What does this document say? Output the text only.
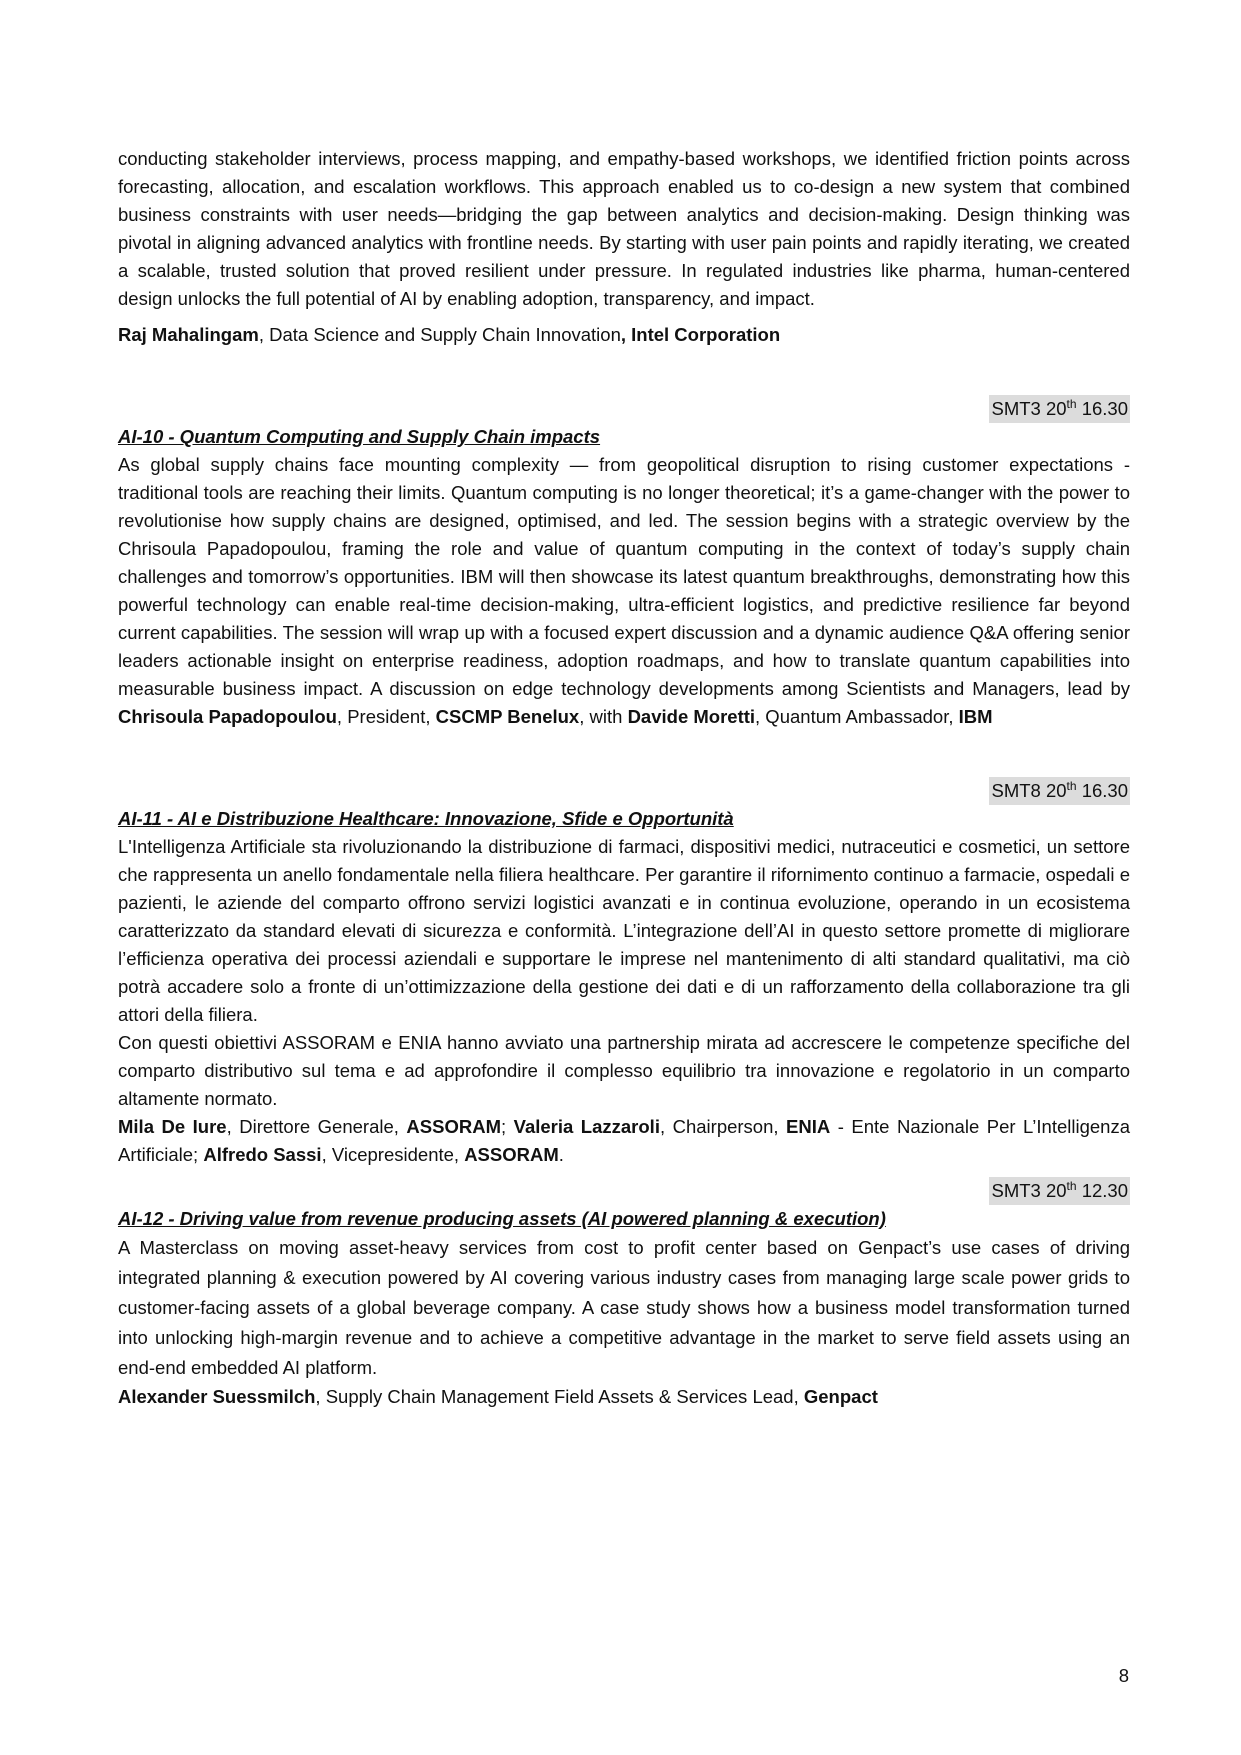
conducting stakeholder interviews, process mapping, and empathy-based workshops, we identified friction points across forecasting, allocation, and escalation workflows. This approach enabled us to co-design a new system that combined business constraints with user needs—bridging the gap between analytics and decision-making. Design thinking was pivotal in aligning advanced analytics with frontline needs. By starting with user pain points and rapidly iterating, we created a scalable, trusted solution that proved resilient under pressure. In regulated industries like pharma, human-centered design unlocks the full potential of AI by enabling adoption, transparency, and impact.

Raj Mahalingam, Data Science and Supply Chain Innovation, Intel Corporation

SMT3 20th 16.30

AI-10 - Quantum Computing and Supply Chain impacts

As global supply chains face mounting complexity — from geopolitical disruption to rising customer expectations - traditional tools are reaching their limits. Quantum computing is no longer theoretical; it’s a game-changer with the power to revolutionise how supply chains are designed, optimised, and led. The session begins with a strategic overview by the Chrisoula Papadopoulou, framing the role and value of quantum computing in the context of today’s supply chain challenges and tomorrow’s opportunities. IBM will then showcase its latest quantum breakthroughs, demonstrating how this powerful technology can enable real-time decision-making, ultra-efficient logistics, and predictive resilience far beyond current capabilities. The session will wrap up with a focused expert discussion and a dynamic audience Q&A offering senior leaders actionable insight on enterprise readiness, adoption roadmaps, and how to translate quantum capabilities into measurable business impact. A discussion on edge technology developments among Scientists and Managers, lead by Chrisoula Papadopoulou, President, CSCMP Benelux, with Davide Moretti, Quantum Ambassador, IBM

SMT8 20th 16.30

AI-11 - AI e Distribuzione Healthcare: Innovazione, Sfide e Opportunità

L'Intelligenza Artificiale sta rivoluzionando la distribuzione di farmaci, dispositivi medici, nutraceutici e cosmetici, un settore che rappresenta un anello fondamentale nella filiera healthcare. Per garantire il rifornimento continuo a farmacie, ospedali e pazienti, le aziende del comparto offrono servizi logistici avanzati e in continua evoluzione, operando in un ecosistema caratterizzato da standard elevati di sicurezza e conformità. L’integrazione dell’AI in questo settore promette di migliorare l’efficienza operativa dei processi aziendali e supportare le imprese nel mantenimento di alti standard qualitativi, ma ciò potrà accadere solo a fronte di un’ottimizzazione della gestione dei dati e di un rafforzamento della collaborazione tra gli attori della filiera.

Con questi obiettivi ASSORAM e ENIA hanno avviato una partnership mirata ad accrescere le competenze specifiche del comparto distributivo sul tema e ad approfondire il complesso equilibrio tra innovazione e regolatorio in un comparto altamente normato.

Mila De Iure, Direttore Generale, ASSORAM; Valeria Lazzaroli, Chairperson, ENIA - Ente Nazionale Per L’Intelligenza Artificiale; Alfredo Sassi, Vicepresidente, ASSORAM.

SMT3 20th 12.30

AI-12 - Driving value from revenue producing assets (AI powered planning & execution)

A Masterclass on moving asset-heavy services from cost to profit center based on Genpact’s use cases of driving integrated planning & execution powered by AI covering various industry cases from managing large scale power grids to customer-facing assets of a global beverage company. A case study shows how a business model transformation turned into unlocking high-margin revenue and to achieve a competitive advantage in the market to serve field assets using an end-end embedded AI platform.

Alexander Suessmilch, Supply Chain Management Field Assets & Services Lead, Genpact

8
